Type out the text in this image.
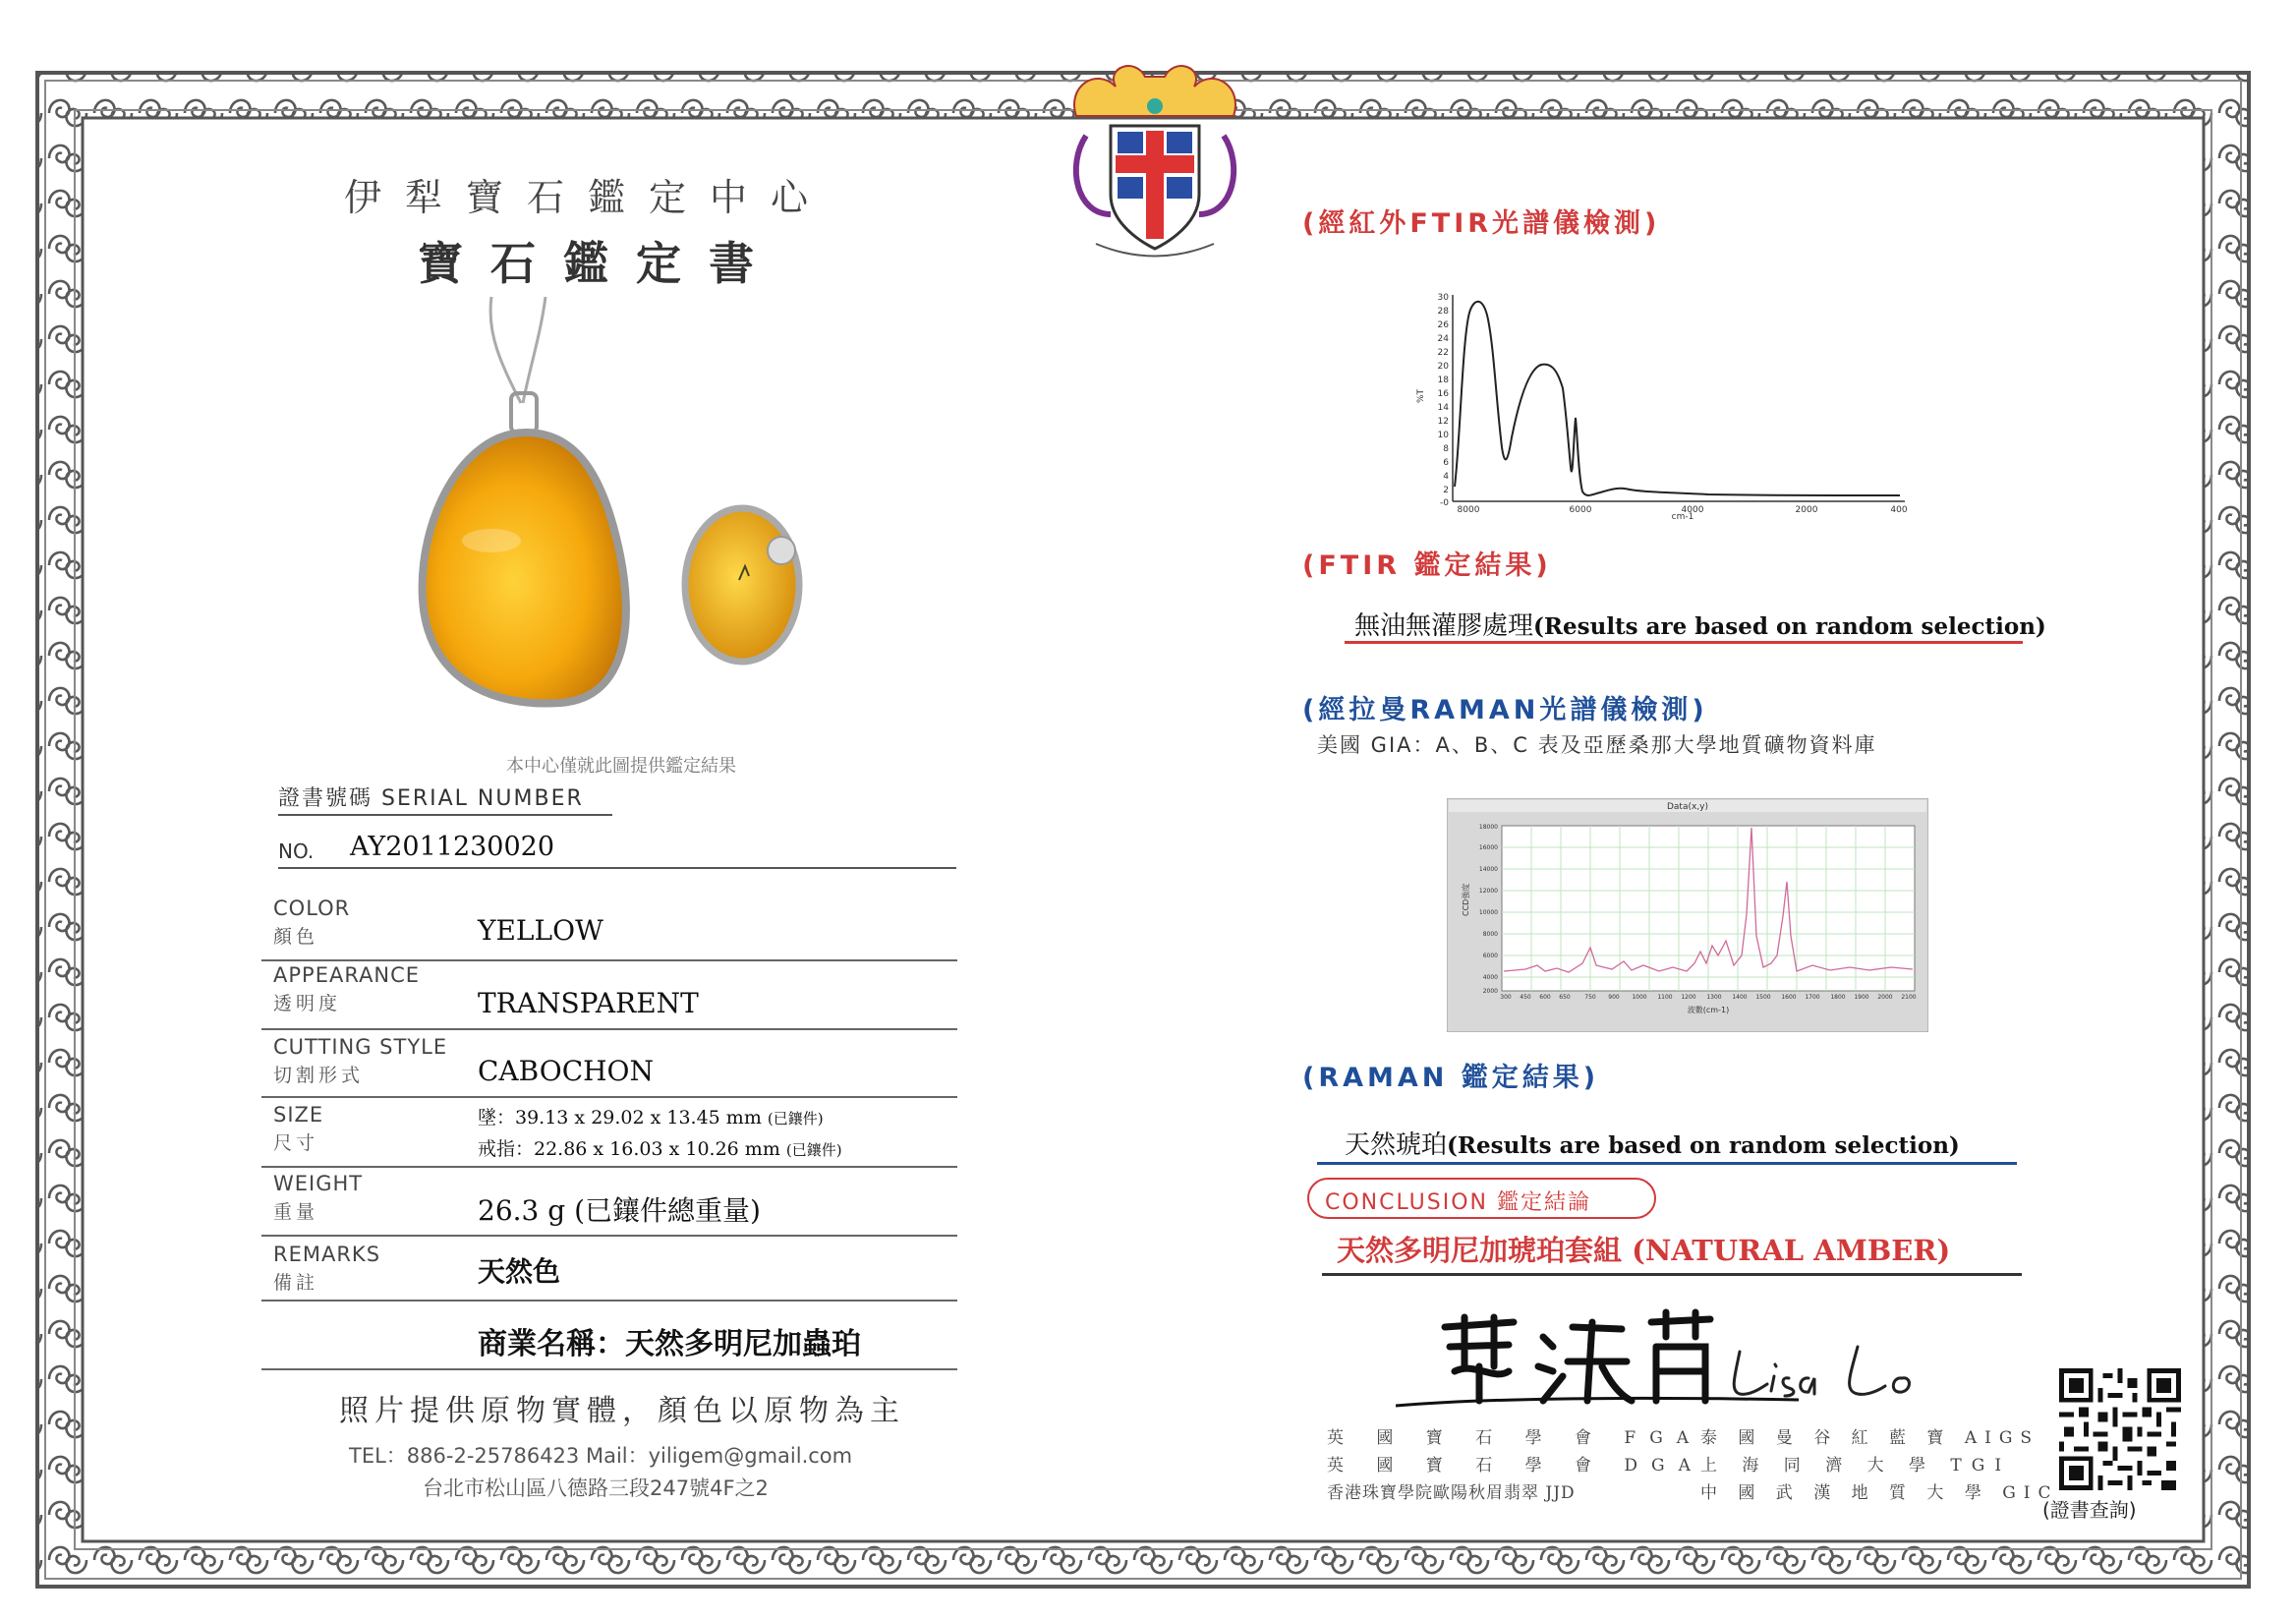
伊犁寶石鑑定中心
寶石鑑定書
本中心僅就此圖提供鑑定結果
證書號碼 SERIAL NUMBER
NO. AY2011230020
COLOR
顏色	YELLOW
APPEARANCE
透明度	TRANSPARENT
CUTTING STYLE
切割形式	CABOCHON
SIZE
尺寸
墜：39.13 x 29.02 x 13.45 mm (已鑲件)
戒指：22.86 x 16.03 x 10.26 mm (已鑲件)
WEIGHT
重量	26.3 g (已鑲件總重量)
REMARKS
備註	天然色
商業名稱：天然多明尼加蟲珀
照片提供原物實體，顏色以原物為主
TEL：886-2-25786423 Mail：yiligem@gmail.com
台北市松山區八德路三段247號4F之2
(經紅外FTIR光譜儀檢測)
30
28
26
24
22
20
18
16
14
12
10
8
6
4
2
-0
%T
8000	6000	4000	2000	400
cm-1
(FTIR 鑑定結果)
無油無灌膠處理(Results are based on random selection)
(經拉曼RAMAN光譜儀檢測)
美國 GIA：A、B、C 表及亞歷桑那大學地質礦物資料庫
Data(x,y)
18000
16000
14000
12000
10000
8000
6000
4000
2000
CCD強度
300 450 600 650 750 900 1000 1100 1200 1300 1400 1500 1600 1700 1800 1900 2000 2100
波數(cm-1)
(RAMAN 鑑定結果)
天然琥珀(Results are based on random selection)
CONCLUSION 鑑定結論
天然多明尼加琥珀套組 (NATURAL AMBER)
英 國 寶 石 學 會 FGA
英 國 寶 石 學 會 DGA
香港珠寶學院歐陽秋眉翡翠 JJD
泰 國 曼 谷 紅 藍 寶 AIGS
上 海 同 濟 大 學 TGI
中 國 武 漢 地 質 大 學 GIC
(證書查詢)
